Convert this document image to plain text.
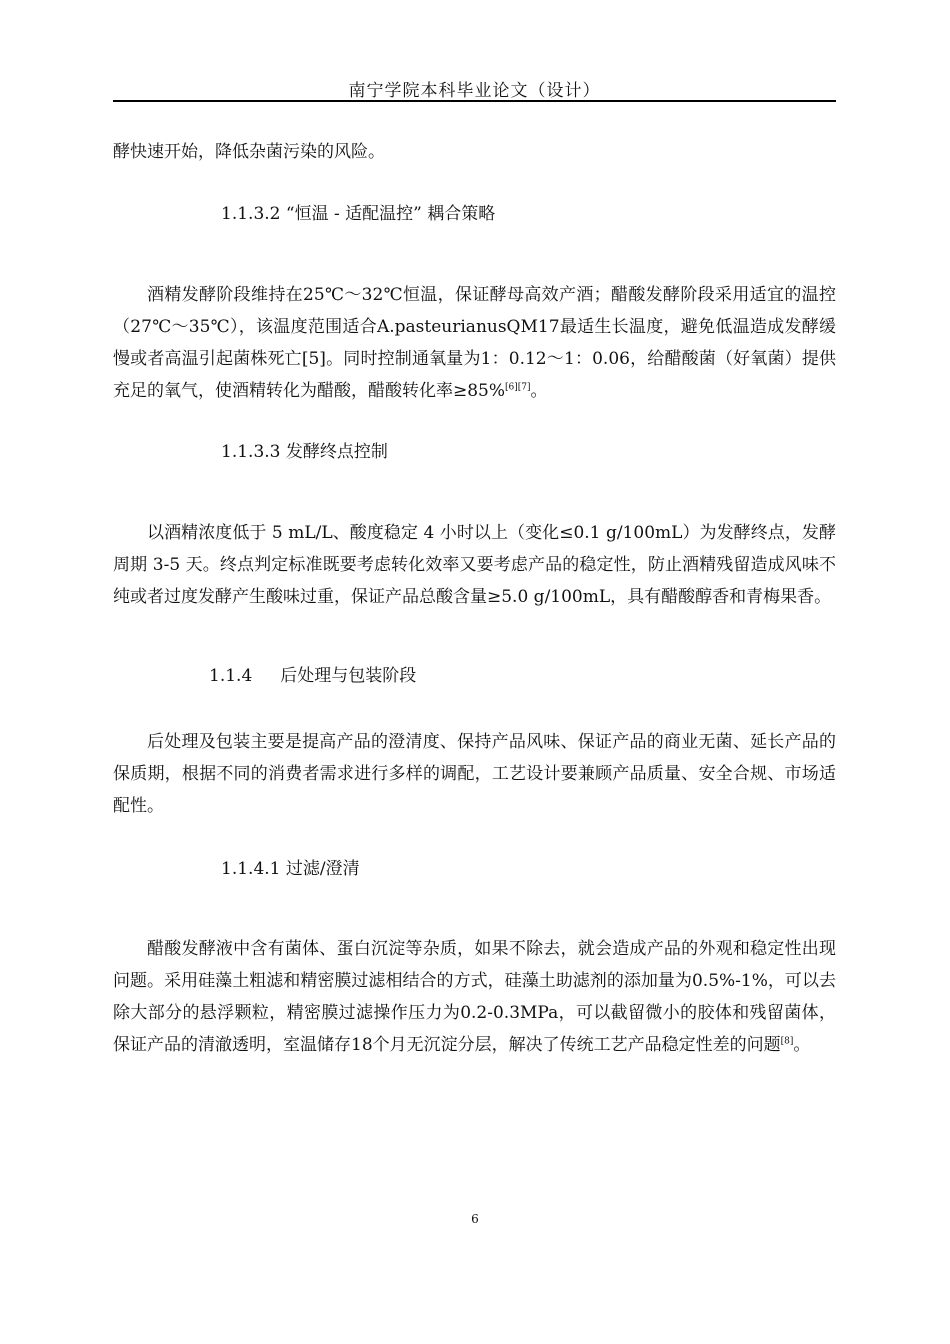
南宁学院本科毕业论文（设计）

酵快速开始，降低杂菌污染的风险。

1.1.3.2 “恒温 - 适配温控” 耦合策略

酒精发酵阶段维持在25℃～32℃恒温，保证酵母高效产酒；醋酸发酵阶段采用适宜的温控（27℃～35℃），该温度范围适合A.pasteurianusQM17最适生长温度，避免低温造成发酵缓慢或者高温引起菌株死亡[5]。同时控制通氧量为1：0.12～1：0.06，给醋酸菌（好氧菌）提供充足的氧气，使酒精转化为醋酸，醋酸转化率≥85%[6][7]。

1.1.3.3 发酵终点控制

以酒精浓度低于 5 mL/L、酸度稳定 4 小时以上（变化≤0.1 g/100mL）为发酵终点，发酵周期 3-5 天。终点判定标准既要考虑转化效率又要考虑产品的稳定性，防止酒精残留造成风味不纯或者过度发酵产生酸味过重，保证产品总酸含量≥5.0 g/100mL，具有醋酸醇香和青梅果香。

1.1.4 后处理与包装阶段

后处理及包装主要是提高产品的澄清度、保持产品风味、保证产品的商业无菌、延长产品的保质期，根据不同的消费者需求进行多样的调配，工艺设计要兼顾产品质量、安全合规、市场适配性。

1.1.4.1 过滤/澄清

醋酸发酵液中含有菌体、蛋白沉淀等杂质，如果不除去，就会造成产品的外观和稳定性出现问题。采用硅藻土粗滤和精密膜过滤相结合的方式，硅藻土助滤剂的添加量为0.5%-1%，可以去除大部分的悬浮颗粒，精密膜过滤操作压力为0.2-0.3MPa，可以截留微小的胶体和残留菌体，保证产品的清澈透明，室温储存18个月无沉淀分层，解决了传统工艺产品稳定性差的问题[8]。

6
